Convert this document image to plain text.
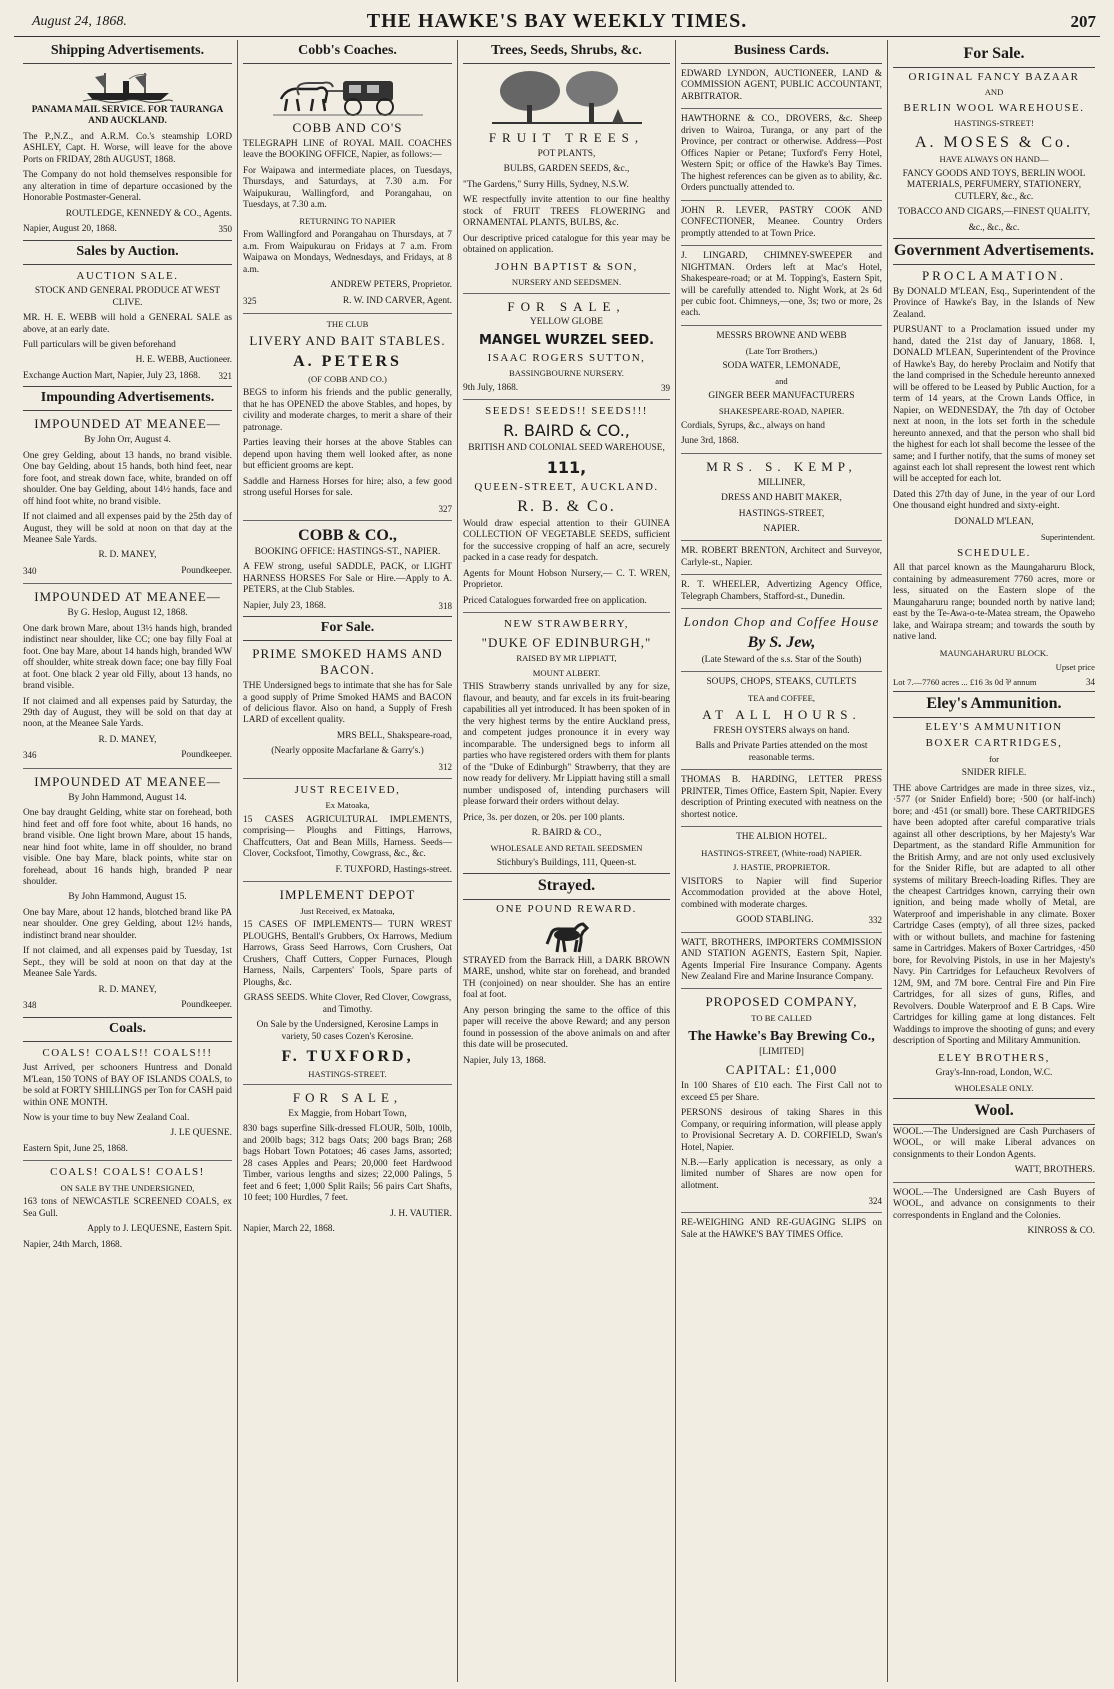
August 24, 1868.	THE HAWKE'S BAY WEEKLY TIMES.	207
Shipping Advertisements.

PANAMA MAIL SERVICE. FOR TAURANGA AND AUCKLAND.

The P.,N.Z., and A.R.M. Co.'s steamship LORD ASHLEY, Capt. H. Worse, will leave for the above Ports on FRIDAY, 28th AUGUST, 1868.

The Company do not hold themselves responsible for any alteration in time of departure occasioned by the Honorable Postmaster-General.

ROUTLEDGE, KENNEDY & CO., Agents.

Napier, August 20, 1868.	350

Sales by Auction.

AUCTION SALE.

STOCK AND GENERAL PRODUCE AT WEST CLIVE.

MR. H. E. WEBB will hold a GENERAL SALE as above, at an early date.

Full particulars will be given beforehand

H. E. WEBB, Auctioneer.

Exchange Auction Mart, Napier, July 23, 1868. 321

Impounding Advertisements.

IMPOUNDED AT MEANEE—

By John Orr, August 4.

One grey Gelding, about 13 hands, no brand visible. One bay Gelding, about 15 hands, both hind feet, near fore foot, and streak down face, white, branded on off shoulder. One bay Gelding, about 14½ hands, face and off hind foot white, no brand visible.

If not claimed and all expenses paid by the 25th day of August, they will be sold at noon on that day at the Meanee Sale Yards.

R. D. MANEY,

340	Poundkeeper.

IMPOUNDED AT MEANEE—

By G. Heslop, August 12, 1868.

One dark brown Mare, about 13½ hands high, branded indistinct near shoulder, like CC; one bay filly Foal at foot. One bay Mare, about 14 hands high, branded WW off shoulder, white streak down face; one bay filly Foal at foot. One black 2 year old Filly, about 13 hands, no brand visible.

If not claimed and all expenses paid by Saturday, the 29th day of August, they will be sold on that day at noon, at the Meanee Sale Yards.

R. D. MANEY,

346	Poundkeeper.

IMPOUNDED AT MEANEE—

By John Hammond, August 14.

One bay draught Gelding, white star on forehead, both hind feet and off fore foot white, about 16 hands, no brand visible. One light brown Mare, about 15 hands, near hind foot white, lame in off shoulder, no brand visible. One bay Mare, black points, white star on forehead, about 16 hands high, branded P near shoulder.

By John Hammond, August 15.

One bay Mare, about 12 hands, blotched brand like PA near shoulder. One grey Gelding, about 12½ hands, indistinct brand near shoulder.

If not claimed, and all expenses paid by Tuesday, 1st Sept., they will be sold at noon on that day at the Meanee Sale Yards.

R. D. MANEY,

348	Poundkeeper.

Coals.

COALS! COALS!! COALS!!!

Just Arrived, per schooners Huntress and Donald M'Lean, 150 TONS of BAY OF ISLANDS COALS, to be sold at FORTY SHILLINGS per Ton for CASH paid within ONE MONTH.

Now is your time to buy New Zealand Coal.

J. LE QUESNE.

Eastern Spit, June 25, 1868.

COALS! COALS! COALS!

ON SALE BY THE UNDERSIGNED,

163 tons of NEWCASTLE SCREENED COALS, ex Sea Gull.

Apply to J. LEQUESNE, Eastern Spit.

Napier, 24th March, 1868.

Cobb's Coaches.

COBB AND CO'S

TELEGRAPH LINE of ROYAL MAIL COACHES leave the BOOKING OFFICE, Napier, as follows:—

For Waipawa and intermediate places, on Tuesdays, Thursdays, and Saturdays, at 7.30 a.m. For Waipukurau, Wallingford, and Porangahau, on Tuesdays, at 7.30 a.m.

RETURNING TO NAPIER

From Wallingford and Porangahau on Thursdays, at 7 a.m. From Waipukurau on Fridays at 7 a.m. From Waipawa on Mondays, Wednesdays, and Fridays, at 8 a.m.

ANDREW PETERS, Proprietor.

325	R. W. IND CARVER, Agent.

THE CLUB

LIVERY AND BAIT STABLES.

A. PETERS

(OF COBB AND CO.)

BEGS to inform his friends and the public generally, that he has OPENED the above Stables, and hopes, by civility and moderate charges, to merit a share of their patronage.

Parties leaving their horses at the above Stables can depend upon having them well looked after, as none but efficient grooms are kept.

Saddle and Harness Horses for hire; also, a few good strong useful Horses for sale.

327

COBB & CO.,

BOOKING OFFICE: HASTINGS-ST., NAPIER.

A FEW strong, useful SADDLE, PACK, or LIGHT HARNESS HORSES For Sale or Hire.—Apply to A. PETERS, at the Club Stables.

Napier, July 23, 1868.	318

For Sale.

PRIME SMOKED HAMS AND BACON.

THE Undersigned begs to intimate that she has for Sale a good supply of Prime Smoked HAMS and BACON of delicious flavor. Also on hand, a Supply of Fresh LARD of excellent quality.

MRS BELL, Shakspeare-road,

(Nearly opposite Macfarlane & Garry's.)

312

JUST RECEIVED,

Ex Matoaka,

15 CASES AGRICULTURAL IMPLEMENTS, comprising— Ploughs and Fittings, Harrows, Chaffcutters, Oat and Bean Mills, Harness. Seeds—Clover, Cocksfoot, Timothy, Cowgrass, &c., &c.

F. TUXFORD, Hastings-street.

IMPLEMENT DEPOT

Just Received, ex Matoaka,

15 CASES OF IMPLEMENTS— TURN WREST PLOUGHS, Bentall's Grubbers, Ox Harrows, Medium Harrows, Grass Seed Harrows, Corn Crushers, Oat Crushers, Chaff Cutters, Copper Furnaces, Plough Harness, Nails, Carpenters' Tools, Spare parts of Ploughs, &c.

GRASS SEEDS. White Clover, Red Clover, Cowgrass, and Timothy.

On Sale by the Undersigned, Kerosine Lamps in variety, 50 cases Cozen's Kerosine.

F. TUXFORD,

HASTINGS-STREET.

FOR SALE,

Ex Maggie, from Hobart Town,

830 bags superfine Silk-dressed FLOUR, 50lb, 100lb, and 200lb bags; 312 bags Oats; 200 bags Bran; 268 bags Hobart Town Potatoes; 46 cases Jams, assorted; 28 cases Apples and Pears; 20,000 feet Hardwood Timber, various lengths and sizes; 22,000 Palings, 5 feet and 6 feet; 1,000 Split Rails; 56 pairs Cart Shafts, 10 feet; 100 Hurdles, 7 feet.

J. H. VAUTIER.

Napier, March 22, 1868.

Trees, Seeds, Shrubs, &c.

FRUIT TREES,

POT PLANTS,

BULBS, GARDEN SEEDS, &c.,

"The Gardens," Surry Hills, Sydney, N.S.W.

WE respectfully invite attention to our fine healthy stock of FRUIT TREES FLOWERING and ORNAMENTAL PLANTS, BULBS, &c.

Our descriptive priced catalogue for this year may be obtained on application.

JOHN BAPTIST & SON,

NURSERY AND SEEDSMEN.

FOR SALE,

YELLOW GLOBE

MANGEL WURZEL SEED.

ISAAC ROGERS SUTTON,

BASSINGBOURNE NURSERY.

9th July, 1868.	39

SEEDS! SEEDS!! SEEDS!!!

R. BAIRD & CO.,

BRITISH AND COLONIAL SEED WAREHOUSE,

111,

QUEEN-STREET, AUCKLAND.

R. B. & Co.

Would draw especial attention to their GUINEA COLLECTION OF VEGETABLE SEEDS, sufficient for the successive cropping of half an acre, securely packed in a case ready for despatch.

Agents for Mount Hobson Nursery,— C. T. WREN, Proprietor.

Priced Catalogues forwarded free on application.

NEW STRAWBERRY,

"DUKE OF EDINBURGH,"

RAISED BY MR LIPPIATT,

MOUNT ALBERT.

THIS Strawberry stands unrivalled by any for size, flavour, and beauty, and far excels in its fruit-bearing capabilities all yet introduced. It has been spoken of in the very highest terms by the entire Auckland press, and competent judges pronounce it in every way incomparable. The undersigned begs to inform all parties who have registered orders with them for plants of the "Duke of Edinburgh" Strawberry, that they are now ready for delivery. Mr Lippiatt having still a small number undisposed of, intending purchasers will please forward their orders without delay.

Price, 3s. per dozen, or 20s. per 100 plants.

R. BAIRD & CO.,

WHOLESALE AND RETAIL SEEDSMEN

Stichbury's Buildings, 111, Queen-st.

Strayed.

ONE POUND REWARD.

STRAYED from the Barrack Hill, a DARK BROWN MARE, unshod, white star on forehead, and branded TH (conjoined) on near shoulder. She has an entire foal at foot.

Any person bringing the same to the office of this paper will receive the above Reward; and any person found in possession of the above animals on and after this date will be prosecuted.

Napier, July 13, 1868.

Business Cards.

EDWARD LYNDON, AUCTIONEER, LAND & COMMISSION AGENT, PUBLIC ACCOUNTANT, ARBITRATOR.

HAWTHORNE & CO., DROVERS, &c. Sheep driven to Wairoa, Turanga, or any part of the Province, per contract or otherwise. Address—Post Offices Napier or Petane; Tuxford's Ferry Hotel, Western Spit; or office of the Hawke's Bay Times. The highest references can be given as to ability, &c. Orders punctually attended to.

JOHN R. LEVER, PASTRY COOK AND CONFECTIONER, Meanee. Country Orders promptly attended to at Town Price.

J. LINGARD, CHIMNEY-SWEEPER and NIGHTMAN. Orders left at Mac's Hotel, Shakespeare-road; or at M. Topping's, Eastern Spit, will be carefully attended to. Night Work, at 2s 6d per cubic foot. Chimneys,—one, 3s; two or more, 2s each.

MESSRS BROWNE AND WEBB

(Late Torr Brothers,)

SODA WATER, LEMONADE,

and

GINGER BEER MANUFACTURERS

SHAKESPEARE-ROAD, NAPIER.

Cordials, Syrups, &c., always on hand

June 3rd, 1868.

MRS. S. KEMP,

MILLINER,

DRESS AND HABIT MAKER,

HASTINGS-STREET,

NAPIER.

MR. ROBERT BRENTON, Architect and Surveyor, Carlyle-st., Napier.

R. T. WHEELER, Advertizing Agency Office, Telegraph Chambers, Stafford-st., Dunedin.

London Chop and Coffee House

By S. Jew,

(Late Steward of the s.s. Star of the South)

SOUPS, CHOPS, STEAKS, CUTLETS

TEA and COFFEE,

AT ALL HOURS.

FRESH OYSTERS always on hand.

Balls and Private Parties attended on the most reasonable terms.

THOMAS B. HARDING, LETTER PRESS PRINTER, Times Office, Eastern Spit, Napier. Every description of Printing executed with neatness on the shortest notice.

THE ALBION HOTEL.

HASTINGS-STREET, (White-road) NAPIER.

J. HASTIE, PROPRIETOR.

VISITORS to Napier will find Superior Accommodation provided at the above Hotel, combined with moderate charges.

GOOD STABLING.	332

WATT, BROTHERS, IMPORTERS COMMISSION AND STATION AGENTS, Eastern Spit, Napier. Agents Imperial Fire Insurance Company. Agents New Zealand Fire and Marine Insurance Company.

PROPOSED COMPANY,

TO BE CALLED

The Hawke's Bay Brewing Co.,

[LIMITED]

CAPITAL: £1,000

In 100 Shares of £10 each. The First Call not to exceed £5 per Share.

PERSONS desirous of taking Shares in this Company, or requiring information, will please apply to Provisional Secretary A. D. CORFIELD, Swan's Hotel, Napier.

N.B.—Early application is necessary, as only a limited number of Shares are now open for allotment.

324

RE-WEIGHING AND RE-GUAGING SLIPS on Sale at the HAWKE'S BAY TIMES Office.

For Sale.

ORIGINAL FANCY BAZAAR

AND

BERLIN WOOL WAREHOUSE.

HASTINGS-STREET!

A. MOSES & Co.

HAVE ALWAYS ON HAND—

FANCY GOODS AND TOYS, BERLIN WOOL MATERIALS, PERFUMERY, STATIONERY, CUTLERY, &c., &c.

TOBACCO AND CIGARS,—FINEST QUALITY,

&c., &c., &c.

Government Advertisements.

PROCLAMATION.

By DONALD M'LEAN, Esq., Superintendent of the Province of Hawke's Bay, in the Islands of New Zealand.

PURSUANT to a Proclamation issued under my hand, dated the 21st day of January, 1868. I, DONALD M'LEAN, Superintendent of the Province of Hawke's Bay, do hereby Proclaim and Notify that the land comprised in the Schedule hereunto annexed will be offered to be Leased by Public Auction, for a term of 14 years, at the Crown Lands Office, in Napier, on WEDNESDAY, the 7th day of October next at noon, in the lots set forth in the schedule hereunto annexed, and that the person who shall bid the highest for each lot shall become the lessee of the same; and I further notify, that the sums of money set against each lot shall represent the lowest rent which will be accepted for each lot.

Dated this 27th day of June, in the year of our Lord One thousand eight hundred and sixty-eight.

DONALD M'LEAN,

Superintendent.

SCHEDULE.

All that parcel known as the Maungaharuru Block, containing by admeasurement 7760 acres, more or less, situated on the Eastern slope of the Maungaharuru range; bounded north by native land; east by the Te-Awa-o-te-Matea stream, the Opaweho lake, and Wairapa stream; and towards the south by native land.

MAUNGAHARURU BLOCK.

Upset price

Lot 7.—7760 acres ... £16 3s 0d ⅌ annum	34

Eley's Ammunition.

ELEY'S AMMUNITION

BOXER CARTRIDGES,

for

SNIDER RIFLE.

THE above Cartridges are made in three sizes, viz., ·577 (or Snider Enfield) bore; ·500 (or half-inch) bore; and ·451 (or small) bore. These CARTRIDGES have been adopted after careful comparative trials against all other descriptions, by her Majesty's War Department, as the standard Rifle Ammunition for the British Army, and are not only used exclusively for the Snider Rifle, but are adapted to all other systems of military Breech-loading Rifles. They are the cheapest Cartridges known, carrying their own ignition, and being made wholly of Metal, are Waterproof and imperishable in any climate. Boxer Cartridge Cases (empty), of all three sizes, packed with or without bullets, and machine for fastening same in Cartridges. Makers of Boxer Cartridges, ·450 bore, for Revolving Pistols, in use in her Majesty's Navy. Pin Cartridges for Lefaucheux Revolvers of 12M, 9M, and 7M bore. Central Fire and Pin Fire Cartridges, for all sizes of guns, Rifles, and Revolvers. Double Waterproof and E B Caps. Wire Cartridges for killing game at long distances. Felt Waddings to improve the shooting of guns; and every description of Sporting and Military Ammunition.

ELEY BROTHERS,

Gray's-Inn-road, London, W.C.

WHOLESALE ONLY.

Wool.

WOOL.—The Undersigned are Cash Purchasers of WOOL, or will make Liberal advances on consignments to their London Agents.

WATT, BROTHERS.

WOOL.—The Undersigned are Cash Buyers of WOOL, and advance on consignments to their correspondents in England and the Colonies.

KINROSS & CO.
